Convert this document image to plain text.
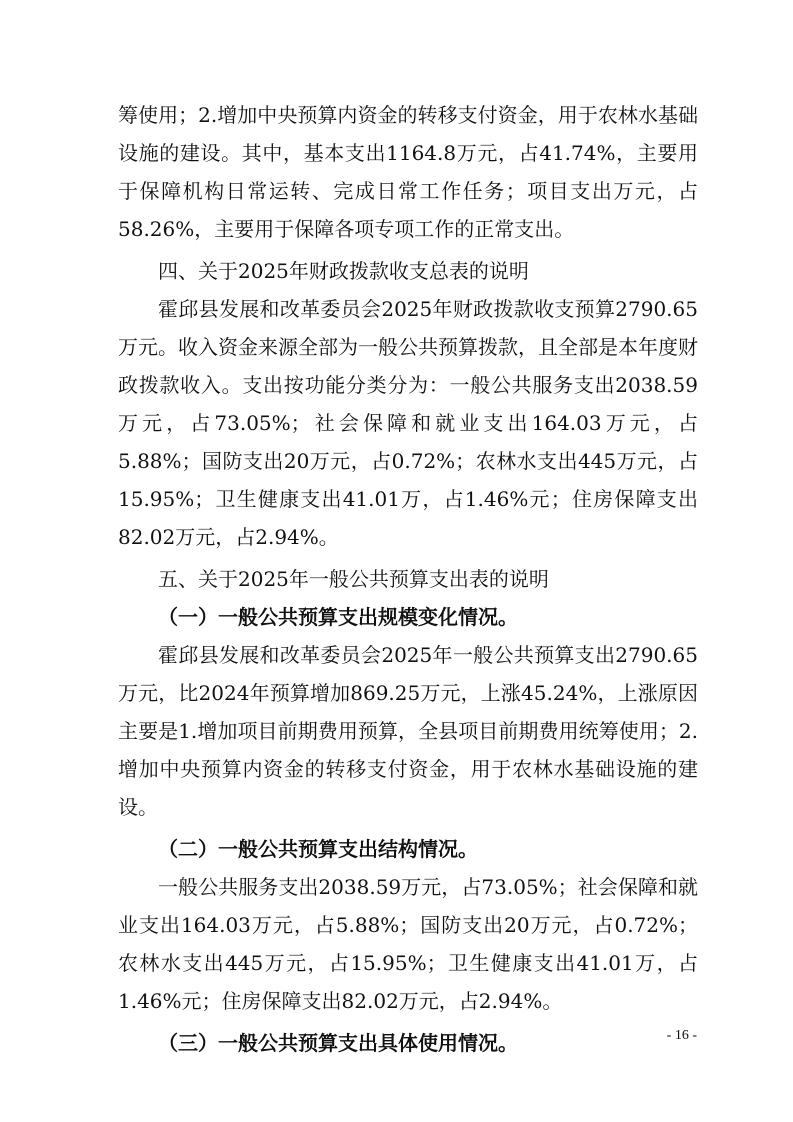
筹使用；2.增加中央预算内资金的转移支付资金，用于农林水基础设施的建设。其中，基本支出1164.8万元，占41.74%，主要用于保障机构日常运转、完成日常工作任务；项目支出万元，占58.26%，主要用于保障各项专项工作的正常支出。

四、关于2025年财政拨款收支总表的说明

霍邱县发展和改革委员会2025年财政拨款收支预算2790.65万元。收入资金来源全部为一般公共预算拨款，且全部是本年度财政拨款收入。支出按功能分类分为：一般公共服务支出2038.59万元，占73.05%；社会保障和就业支出164.03万元，占5.88%；国防支出20万元，占0.72%；农林水支出445万元，占15.95%；卫生健康支出41.01万，占1.46%元；住房保障支出82.02万元，占2.94%。

五、关于2025年一般公共预算支出表的说明

（一）一般公共预算支出规模变化情况。

霍邱县发展和改革委员会2025年一般公共预算支出2790.65万元，比2024年预算增加869.25万元，上涨45.24%，上涨原因主要是1.增加项目前期费用预算，全县项目前期费用统筹使用；2.增加中央预算内资金的转移支付资金，用于农林水基础设施的建设。

（二）一般公共预算支出结构情况。

一般公共服务支出2038.59万元，占73.05%；社会保障和就业支出164.03万元，占5.88%；国防支出20万元，占0.72%；农林水支出445万元，占15.95%；卫生健康支出41.01万，占1.46%元；住房保障支出82.02万元，占2.94%。

（三）一般公共预算支出具体使用情况。	- 16 -
